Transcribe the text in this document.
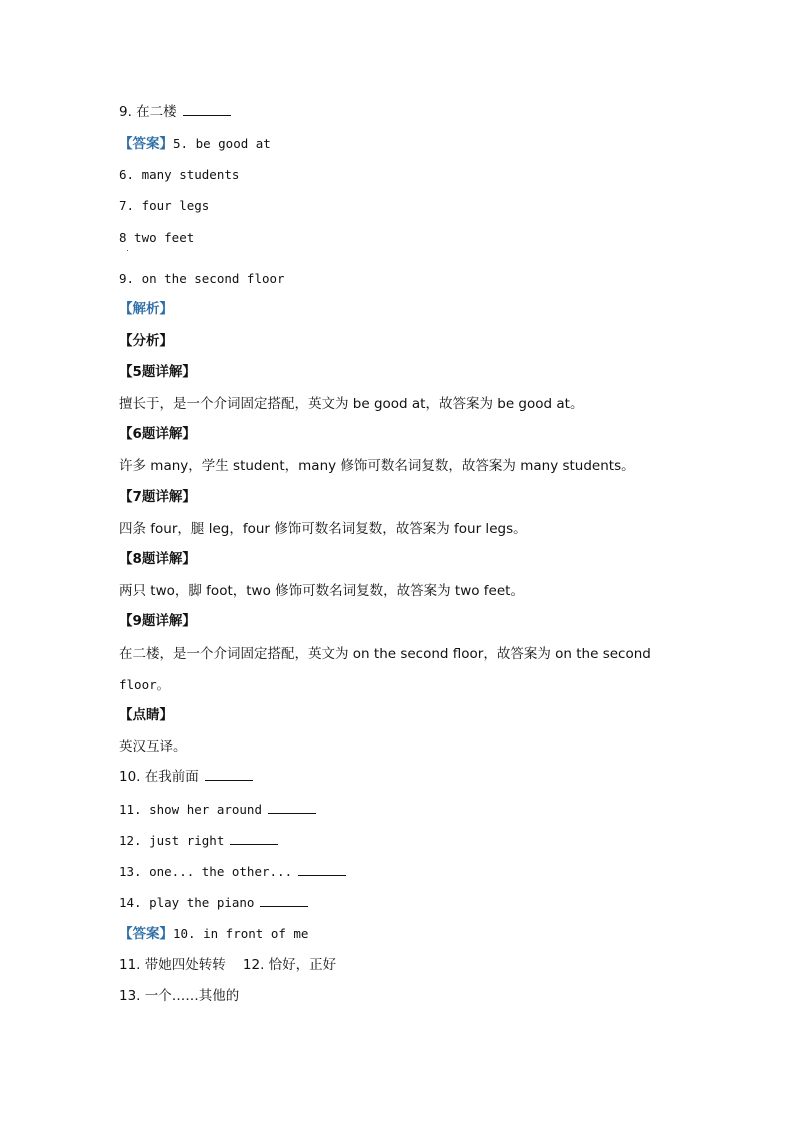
9. 在二楼
【答案】5. be good at
6. many students
7. four legs
8 two feet
9. on the second floor
【解析】
【分析】
【5题详解】
擅长于，是一个介词固定搭配，英文为 be good at，故答案为 be good at。
【6题详解】
许多 many，学生 student，many 修饰可数名词复数，故答案为 many students。
【7题详解】
四条 four，腿 leg，four 修饰可数名词复数，故答案为 four legs。
【8题详解】
两只 two，脚 foot，two 修饰可数名词复数，故答案为 two feet。
【9题详解】
在二楼，是一个介词固定搭配，英文为 on the second floor，故答案为 on the second
floor。
【点睛】
英汉互译。
10. 在我前面
11. show her around
12. just right
13. one... the other...
14. play the piano
【答案】10. in front of me
11. 带她四处转转    12. 恰好，正好
13. 一个……其他的
